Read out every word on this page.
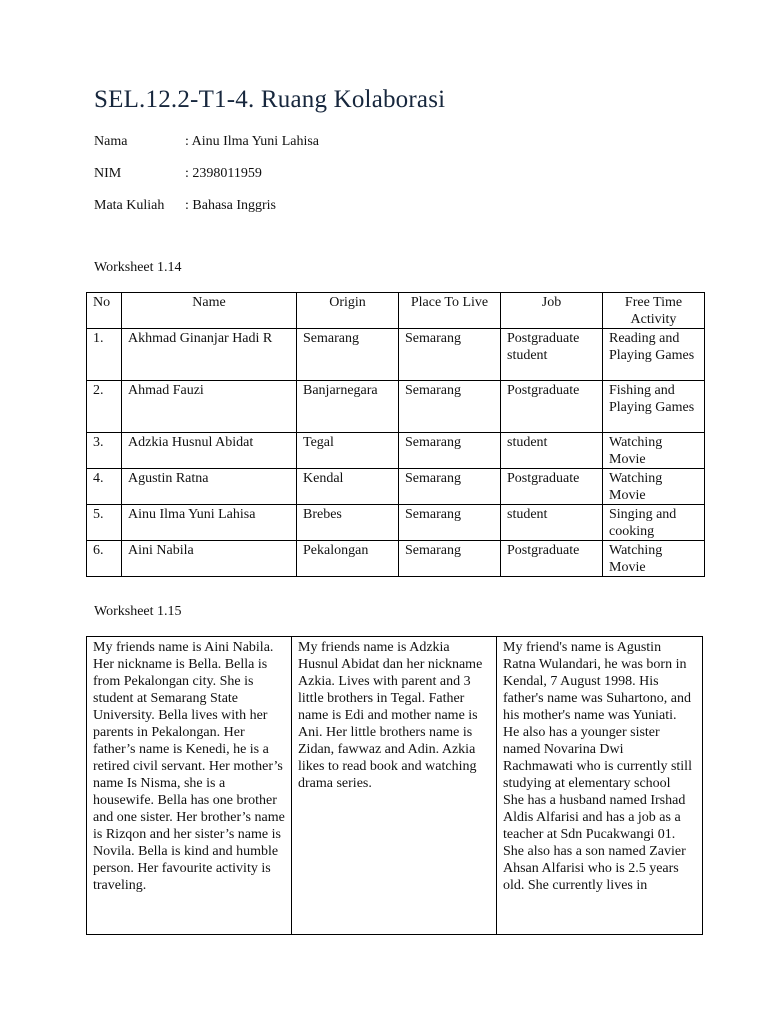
SEL.12.2-T1-4. Ruang Kolaborasi
Nama	: Ainu Ilma Yuni Lahisa
NIM	: 2398011959
Mata Kuliah : Bahasa Inggris
Worksheet 1.14
No	Name	Origin	Place To Live	Job	Free Time Activity
1.	Akhmad Ginanjar Hadi R	Semarang	Semarang	Postgraduate student	Reading and Playing Games
2.	Ahmad Fauzi	Banjarnegara	Semarang	Postgraduate	Fishing and Playing Games
3.	Adzkia Husnul Abidat	Tegal	Semarang	student	Watching Movie
4.	Agustin Ratna	Kendal	Semarang	Postgraduate	Watching Movie
5.	Ainu Ilma Yuni Lahisa	Brebes	Semarang	student	Singing and cooking
6.	Aini Nabila	Pekalongan	Semarang	Postgraduate	Watching Movie
Worksheet 1.15
My friends name is Aini Nabila. Her nickname is Bella. Bella is from Pekalongan city. She is student at Semarang State University. Bella lives with her parents in Pekalongan. Her father’s name is Kenedi, he is a retired civil servant. Her mother’s name Is Nisma, she is a housewife. Bella has one brother and one sister. Her brother’s name is Rizqon and her sister’s name is Novila. Bella is kind and humble person. Her favourite activity is traveling.	My friends name is Adzkia Husnul Abidat dan her nickname Azkia. Lives with parent and 3 little brothers in Tegal. Father name is Edi and mother name is Ani. Her little brothers name is Zidan, fawwaz and Adin. Azkia likes to read book and watching drama series.	My friend's name is Agustin Ratna Wulandari, he was born in Kendal, 7 August 1998. His father's name was Suhartono, and his mother's name was Yuniati. He also has a younger sister named Novarina Dwi Rachmawati who is currently still studying at elementary school
She has a husband named Irshad Aldis Alfarisi and has a job as a teacher at Sdn Pucakwangi 01. She also has a son named Zavier Ahsan Alfarisi who is 2.5 years old. She currently lives in
